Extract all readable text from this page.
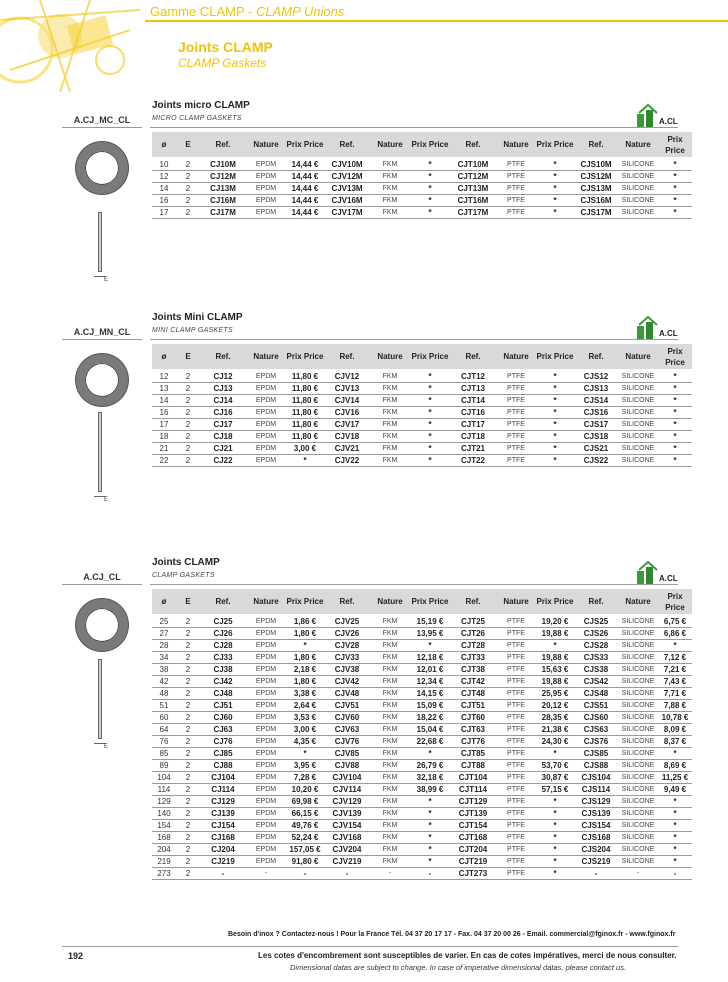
Gamme CLAMP - CLAMP Unions
Joints CLAMP
CLAMP Gaskets
A.CJ_MC_CL
Joints micro CLAMP
MICRO CLAMP GASKETS	A.CL
E
ø	E	Ref.	Nature	Prix Price	Ref.	Nature	Prix Price	Ref.	Nature	Prix Price	Ref.	Nature	Prix Price
10	2	CJ10M	EPDM	14,44 €	CJV10M	FKM	*	CJT10M	PTFE	*	CJS10M	SILICONE	*
12	2	CJ12M	EPDM	14,44 €	CJV12M	FKM	*	CJT12M	PTFE	*	CJS12M	SILICONE	*
14	2	CJ13M	EPDM	14,44 €	CJV13M	FKM	*	CJT13M	PTFE	*	CJS13M	SILICONE	*
16	2	CJ16M	EPDM	14,44 €	CJV16M	FKM	*	CJT16M	PTFE	*	CJS16M	SILICONE	*
17	2	CJ17M	EPDM	14,44 €	CJV17M	FKM	*	CJT17M	PTFE	*	CJS17M	SILICONE	*
A.CJ_MN_CL
Joints Mini CLAMP
MINI CLAMP GASKETS	A.CL
E
ø	E	Ref.	Nature	Prix Price	Ref.	Nature	Prix Price	Ref.	Nature	Prix Price	Ref.	Nature	Prix Price
12	2	CJ12	EPDM	11,80 €	CJV12	FKM	*	CJT12	PTFE	*	CJS12	SILICONE	*
13	2	CJ13	EPDM	11,80 €	CJV13	FKM	*	CJT13	PTFE	*	CJS13	SILICONE	*
14	2	CJ14	EPDM	11,80 €	CJV14	FKM	*	CJT14	PTFE	*	CJS14	SILICONE	*
16	2	CJ16	EPDM	11,80 €	CJV16	FKM	*	CJT16	PTFE	*	CJS16	SILICONE	*
17	2	CJ17	EPDM	11,80 €	CJV17	FKM	*	CJT17	PTFE	*	CJS17	SILICONE	*
18	2	CJ18	EPDM	11,80 €	CJV18	FKM	*	CJT18	PTFE	*	CJS18	SILICONE	*
21	2	CJ21	EPDM	3,00 €	CJV21	FKM	*	CJT21	PTFE	*	CJS21	SILICONE	*
22	2	CJ22	EPDM	*	CJV22	FKM	*	CJT22	PTFE	*	CJS22	SILICONE	*
A.CJ_CL
Joints CLAMP
CLAMP GASKETS	A.CL
E
ø	E	Ref.	Nature	Prix Price	Ref.	Nature	Prix Price	Ref.	Nature	Prix Price	Ref.	Nature	Prix Price
25	2	CJ25	EPDM	1,86 €	CJV25	FKM	15,19 €	CJT25	PTFE	19,20 €	CJS25	SILICONE	6,75 €
27	2	CJ26	EPDM	1,80 €	CJV26	FKM	13,95 €	CJT26	PTFE	19,88 €	CJS26	SILICONE	6,86 €
28	2	CJ28	EPDM	*	CJV28	FKM	*	CJT28	PTFE	*	CJS28	SILICONE	*
34	2	CJ33	EPDM	1,80 €	CJV33	FKM	12,18 €	CJT33	PTFE	19,88 €	CJS33	SILICONE	7,12 €
38	2	CJ38	EPDM	2,18 €	CJV38	FKM	12,01 €	CJT38	PTFE	15,63 €	CJS38	SILICONE	7,21 €
42	2	CJ42	EPDM	1,80 €	CJV42	FKM	12,34 €	CJT42	PTFE	19,88 €	CJS42	SILICONE	7,43 €
48	2	CJ48	EPDM	3,38 €	CJV48	FKM	14,15 €	CJT48	PTFE	25,95 €	CJS48	SILICONE	7,71 €
51	2	CJ51	EPDM	2,64 €	CJV51	FKM	15,09 €	CJT51	PTFE	20,12 €	CJS51	SILICONE	7,88 €
60	2	CJ60	EPDM	3,53 €	CJV60	FKM	18,22 €	CJT60	PTFE	28,35 €	CJS60	SILICONE	10,78 €
64	2	CJ63	EPDM	3,00 €	CJV63	FKM	15,04 €	CJT63	PTFE	21,38 €	CJS63	SILICONE	8,09 €
76	2	CJ76	EPDM	4,35 €	CJV76	FKM	22,68 €	CJT76	PTFE	24,30 €	CJS76	SILICONE	8,37 €
85	2	CJ85	EPDM	*	CJV85	FKM	*	CJT85	PTFE	*	CJS85	SILICONE	*
89	2	CJ88	EPDM	3,95 €	CJV88	FKM	26,79 €	CJT88	PTFE	53,70 €	CJS88	SILICONE	8,69 €
104	2	CJ104	EPDM	7,28 €	CJV104	FKM	32,18 €	CJT104	PTFE	30,87 €	CJS104	SILICONE	11,25 €
114	2	CJ114	EPDM	10,20 €	CJV114	FKM	38,99 €	CJT114	PTFE	57,15 €	CJS114	SILICONE	9,49 €
129	2	CJ129	EPDM	69,98 €	CJV129	FKM	*	CJT129	PTFE	*	CJS129	SILICONE	*
140	2	CJ139	EPDM	66,15 €	CJV139	FKM	*	CJT139	PTFE	*	CJS139	SILICONE	*
154	2	CJ154	EPDM	49,76 €	CJV154	FKM	*	CJT154	PTFE	*	CJS154	SILICONE	*
168	2	CJ168	EPDM	52,24 €	CJV168	FKM	*	CJT168	PTFE	*	CJS168	SILICONE	*
204	2	CJ204	EPDM	157,05 €	CJV204	FKM	*	CJT204	PTFE	*	CJS204	SILICONE	*
219	2	CJ219	EPDM	91,80 €	CJV219	FKM	*	CJT219	PTFE	*	CJS219	SILICONE	*
273	2	-	-	-	-	-	-	CJT273	PTFE	*	-	-	-
Besoin d'inox ? Contactez-nous ! Pour la France Tél. 04 37 20 17 17 - Fax. 04 37 20 00 26 - Email. commercial@fginox.fr - www.fginox.fr
192	Les cotes d'encombrement sont susceptibles de varier. En cas de cotes impératives, merci de nous consulter.
Dimensional datas are subject to change. In case of imperative dimensional datas, please contact us.
